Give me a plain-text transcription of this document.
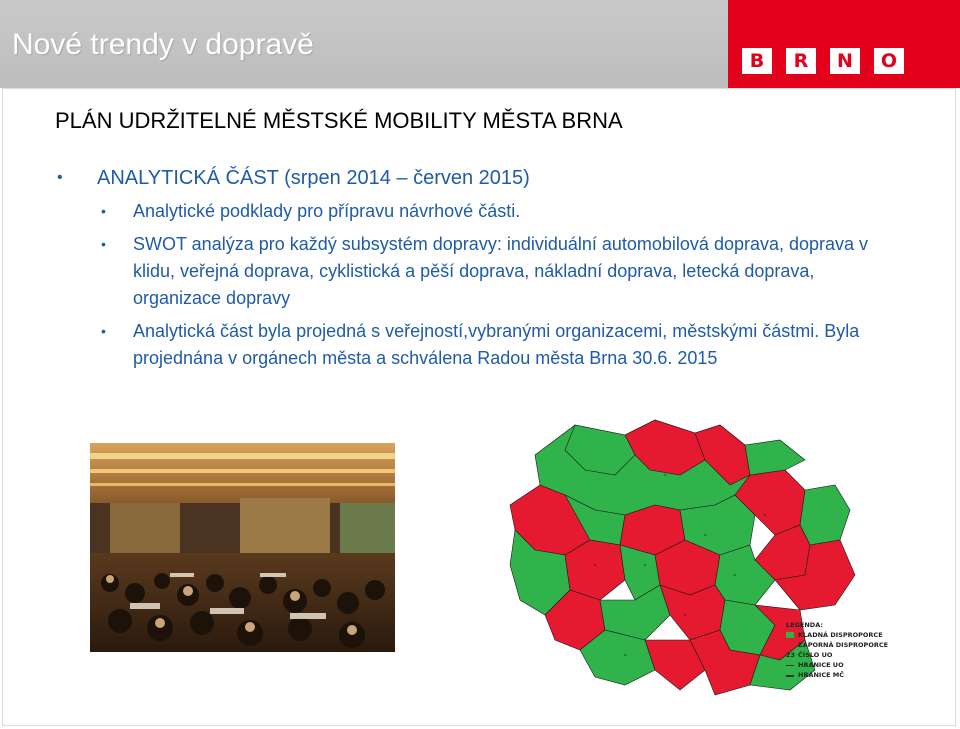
Nové trendy v dopravě	B	R	N	O
PLÁN UDRŽITELNÉ MĚSTSKÉ MOBILITY MĚSTA BRNA
• ANALYTICKÁ ČÁST (srpen 2014 – červen 2015)
• Analytické podklady pro přípravu návrhové části.
• SWOT analýza pro každý subsystém dopravy: individuální automobilová doprava, doprava v klidu, veřejná doprava, cyklistická a pěší doprava, nákladní doprava, letecká doprava, organizace dopravy
• Analytická část byla projedná s veřejností,vybranými organizacemi, městskými částmi. Byla projednána v orgánech města a schválena Radou města Brna 30.6. 2015
LEGENDA:
KLADNÁ DISPROPORCE
ZÁPORNÁ DISPROPORCE
23 ČÍSLO UO
HRANICE UO
HRANICE MČ
